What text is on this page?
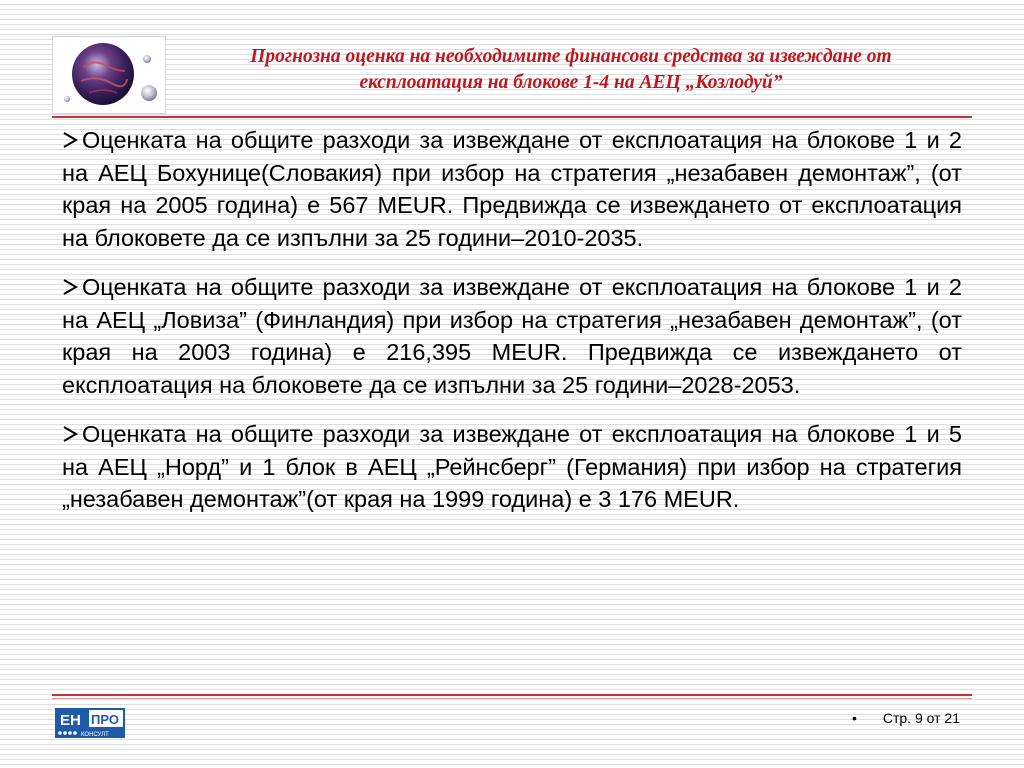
Прогнозна оценка на необходимите финансови средства за извеждане от
експлоатация на блокове 1-4 на АЕЦ „Козлодуй”
Оценката на общите разходи за извеждане от експлоатация на блокове 1 и 2 на АЕЦ Бохунице(Словакия) при избор на стратегия „незабавен демонтаж”, (от края на 2005 година) е 567 MEUR. Предвижда се извеждането от експлоатация на блоковете да се изпълни за 25 години–2010-2035.
Оценката на общите разходи за извеждане от експлоатация на блокове 1 и 2 на АЕЦ „Ловиза” (Финландия) при избор на стратегия „незабавен демонтаж”, (от края на 2003 година) е 216,395 MEUR. Предвижда се извеждането от експлоатация на блоковете да се изпълни за 25 години–2028-2053.
Оценката на общите разходи за извеждане от експлоатация на блокове 1 и 5 на АЕЦ „Норд” и 1 блок в АЕЦ „Рейнсберг” (Германия) при избор на стратегия „незабавен демонтаж”(от края на 1999 година) е 3 176 MEUR.
ЕН ПРО
КОНСУЛТ
• Стр. 9 от 21
